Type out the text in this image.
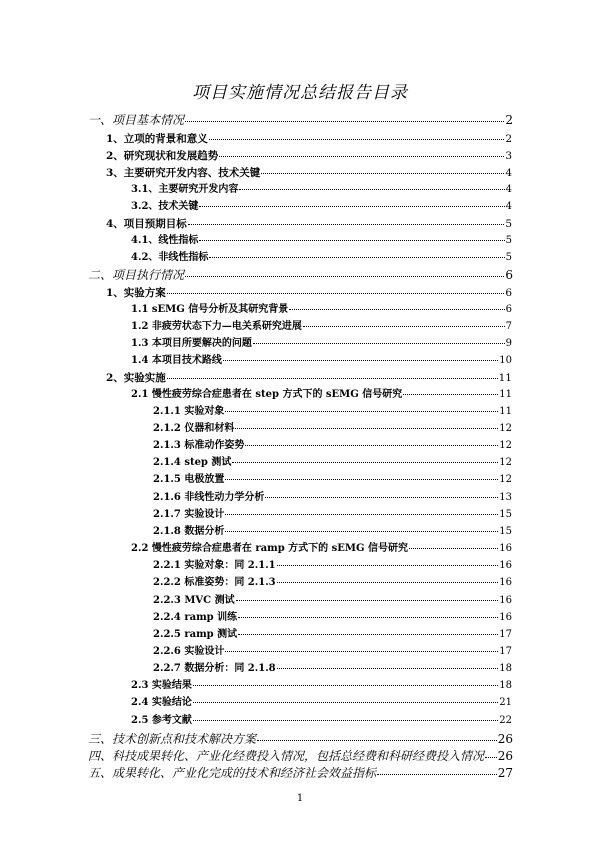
项目实施情况总结报告目录
一、项目基本情况	2
1、立项的背景和意义	2
2、研究现状和发展趋势	3
3、主要研究开发内容、技术关键	4
3.1、主要研究开发内容	4
3.2、技术关键	4
4、项目预期目标	5
4.1、线性指标	5
4.2、非线性指标	5
二、项目执行情况	6
1、实验方案	6
1.1 sEMG 信号分析及其研究背景	6
1.2 非疲劳状态下力—电关系研究进展	7
1.3 本项目所要解决的问题	9
1.4 本项目技术路线	10
2、实验实施	11
2.1 慢性疲劳综合症患者在 step 方式下的 sEMG 信号研究	11
2.1.1 实验对象	11
2.1.2 仪器和材料	12
2.1.3 标准动作姿势	12
2.1.4 step 测试	12
2.1.5 电极放置	12
2.1.6 非线性动力学分析	13
2.1.7 实验设计	15
2.1.8 数据分析	15
2.2 慢性疲劳综合症患者在 ramp 方式下的 sEMG 信号研究	16
2.2.1 实验对象：同 2.1.1	16
2.2.2 标准姿势：同 2.1.3	16
2.2.3 MVC 测试	16
2.2.4 ramp 训练	16
2.2.5 ramp 测试	17
2.2.6 实验设计	17
2.2.7 数据分析：同 2.1.8	18
2.3 实验结果	18
2.4 实验结论	21
2.5 参考文献	22
三、技术创新点和技术解决方案	26
四、科技成果转化、产业化经费投入情况，包括总经费和科研经费投入情况 26
五、成果转化、产业化完成的技术和经济社会效益指标	27
1
